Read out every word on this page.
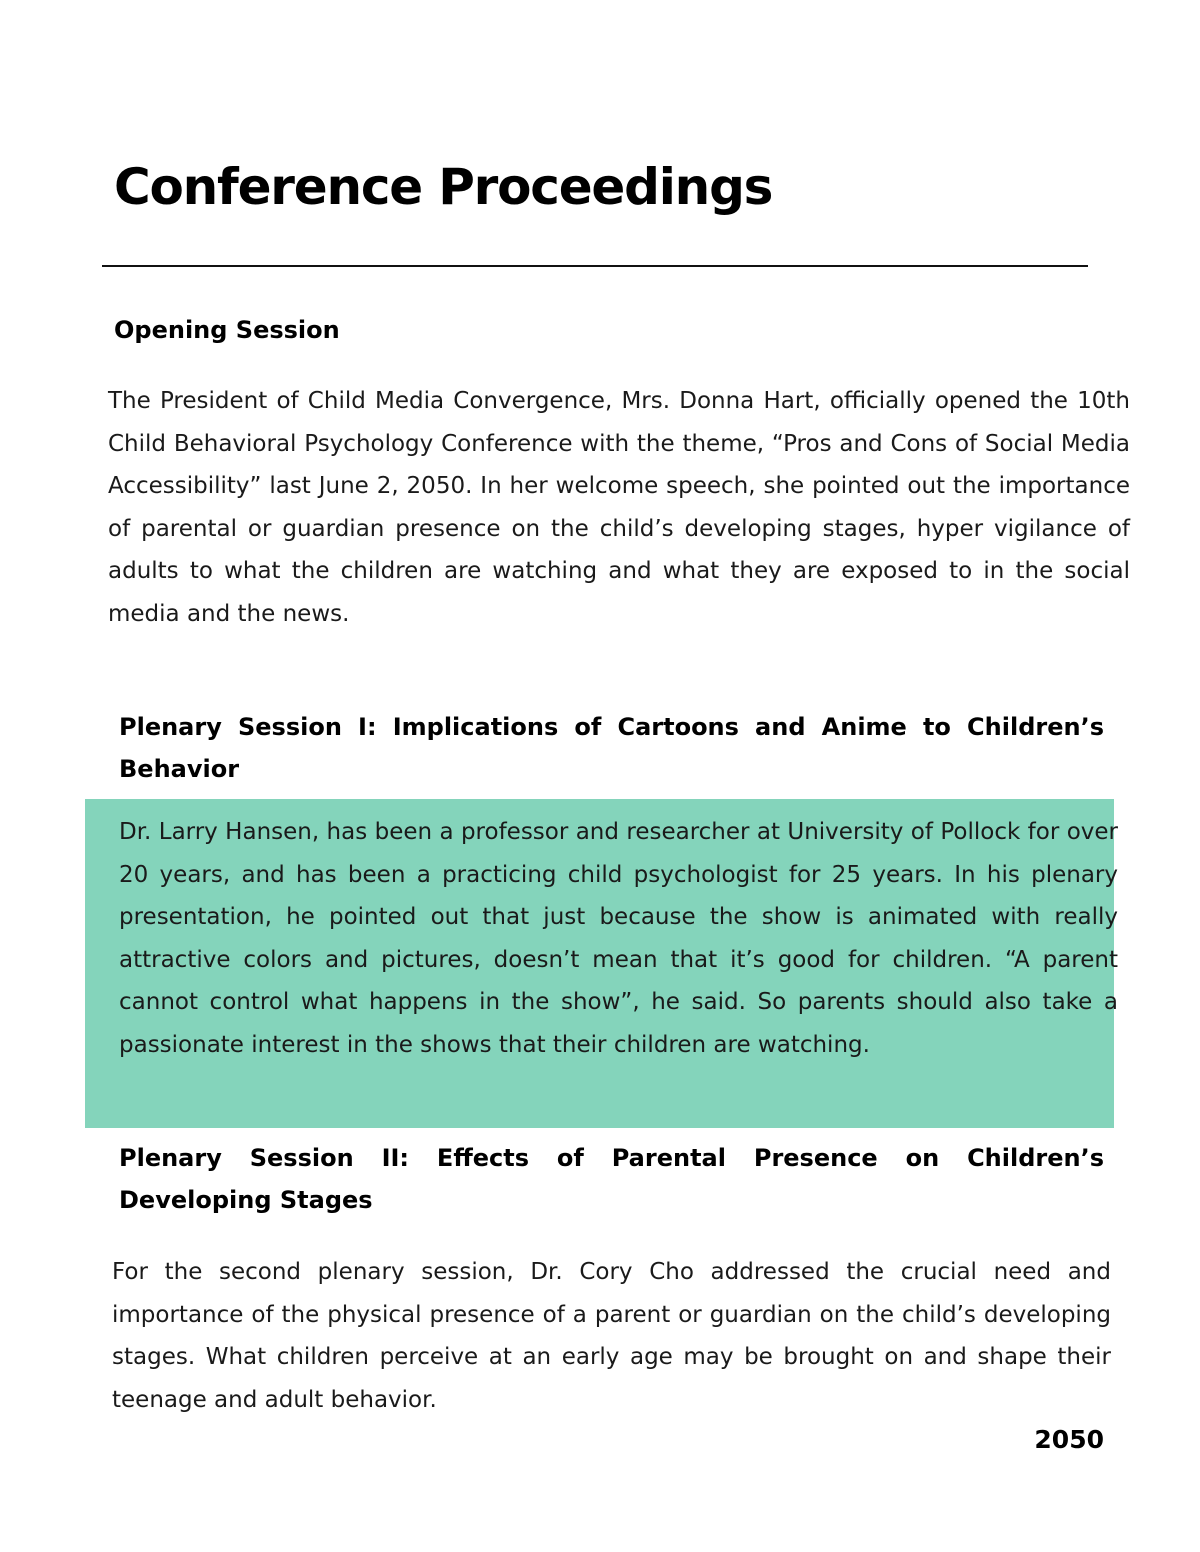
Conference Proceedings
Opening Session

The President of Child Media Convergence, Mrs. Donna Hart, officially opened the 10th Child Behavioral Psychology Conference with the theme, “Pros and Cons of Social Media Accessibility” last June 2, 2050. In her welcome speech, she pointed out the importance of parental or guardian presence on the child’s developing stages, hyper vigilance of adults to what the children are watching and what they are exposed to in the social media and the news.

Plenary Session I: Implications of Cartoons and Anime to Children’s Behavior

Dr. Larry Hansen, has been a professor and researcher at University of Pollock for over 20 years, and has been a practicing child psychologist for 25 years. In his plenary presentation, he pointed out that just because the show is animated with really attractive colors and pictures, doesn’t mean that it’s good for children. “A parent cannot control what happens in the show”, he said. So parents should also take a passionate interest in the shows that their children are watching.

Plenary Session II: Effects of Parental Presence on Children’s Developing Stages

For the second plenary session, Dr. Cory Cho addressed the crucial need and importance of the physical presence of a parent or guardian on the child’s developing stages. What children perceive at an early age may be brought on and shape their teenage and adult behavior.

2050
